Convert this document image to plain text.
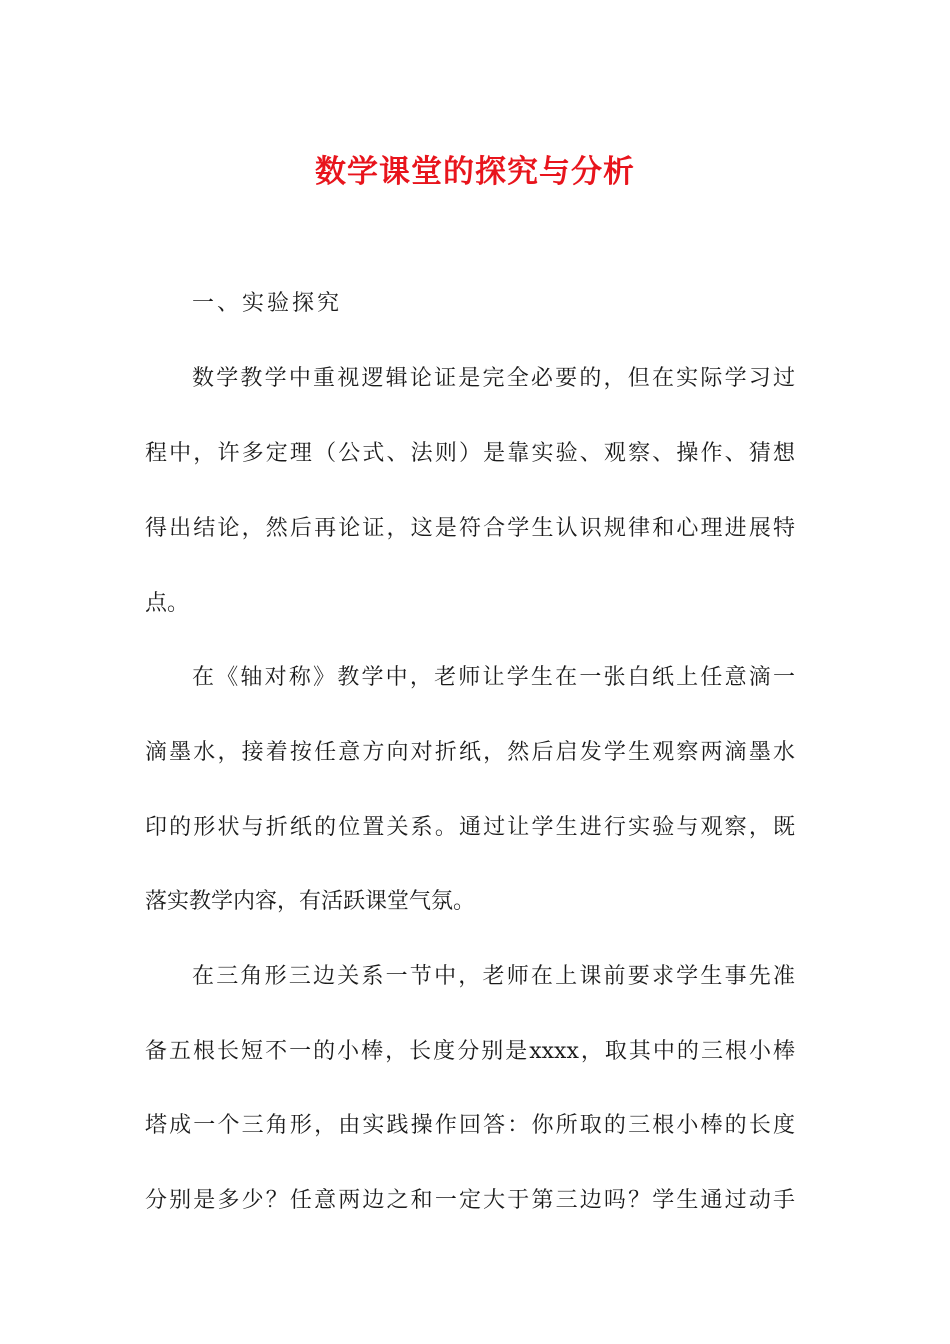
数学课堂的探究与分析
一、实验探究
数学教学中重视逻辑论证是完全必要的，但在实际学习过
程中，许多定理（公式、法则）是靠实验、观察、操作、猜想
得出结论，然后再论证，这是符合学生认识规律和心理进展特
点。
在《轴对称》教学中，老师让学生在一张白纸上任意滴一
滴墨水，接着按任意方向对折纸，然后启发学生观察两滴墨水
印的形状与折纸的位置关系。通过让学生进行实验与观察，既
落实教学内容，有活跃课堂气氛。
在三角形三边关系一节中，老师在上课前要求学生事先准
备五根长短不一的小棒，长度分别是xxxx，取其中的三根小棒
塔成一个三角形，由实践操作回答：你所取的三根小棒的长度
分别是多少？任意两边之和一定大于第三边吗？学生通过动手
